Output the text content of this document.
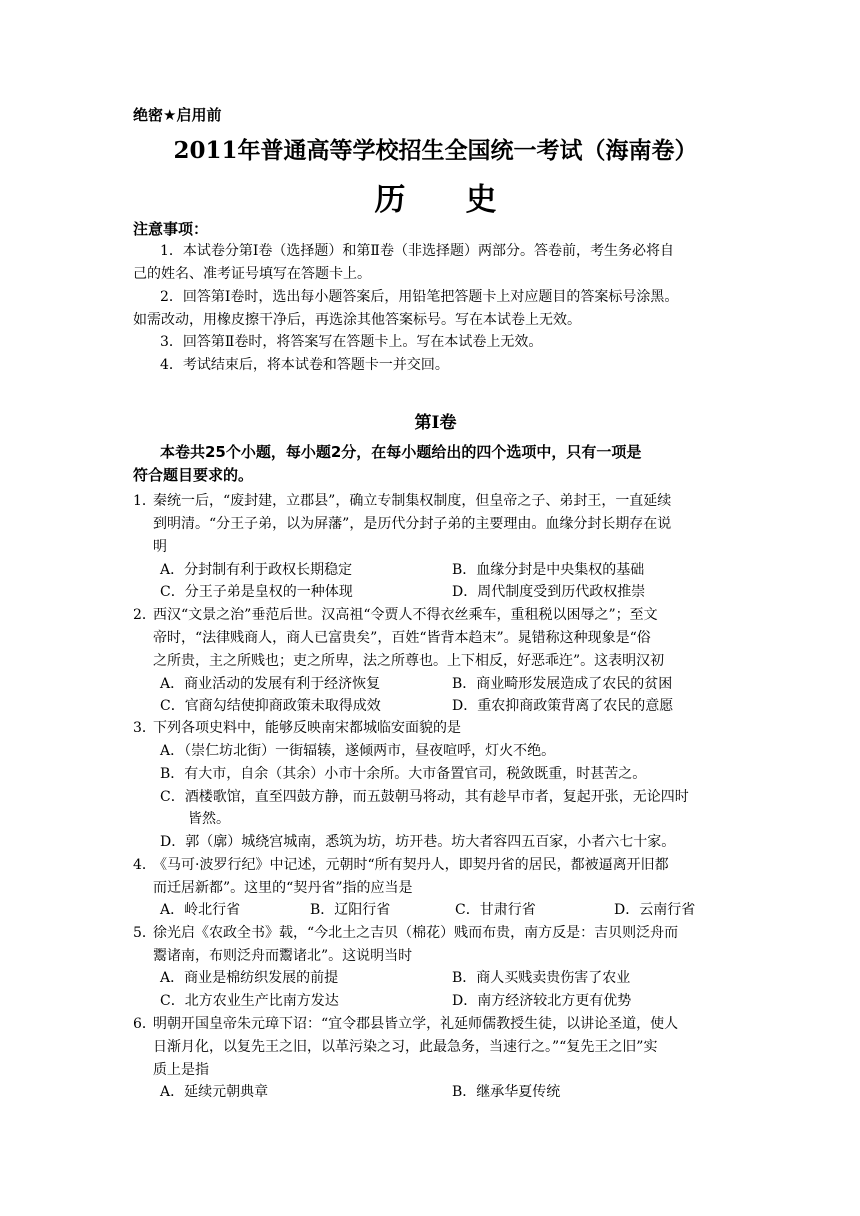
绝密★启用前
2011年普通高等学校招生全国统一考试（海南卷）
历史
注意事项：
1．本试卷分第Ⅰ卷（选择题）和第Ⅱ卷（非选择题）两部分。答卷前，考生务必将自
己的姓名、准考证号填写在答题卡上。
2．回答第Ⅰ卷时，选出每小题答案后，用铅笔把答题卡上对应题目的答案标号涂黑。
如需改动，用橡皮擦干净后，再选涂其他答案标号。写在本试卷上无效。
3．回答第Ⅱ卷时，将答案写在答题卡上。写在本试卷上无效。
4．考试结束后，将本试卷和答题卡一并交回。
第Ⅰ卷
本卷共25个小题，每小题2分，在每小题给出的四个选项中，只有一项是
符合题目要求的。
1．
秦统一后，“废封建，立郡县”，确立专制集权制度，但皇帝之子、弟封王，一直延续
到明清。“分王子弟，以为屏藩”，是历代分封子弟的主要理由。血缘分封长期存在说
明
A．分封制有利于政权长期稳定	B．血缘分封是中央集权的基础
C．分王子弟是皇权的一种体现	D．周代制度受到历代政权推崇
2．
西汉“文景之治”垂范后世。汉高祖“令贾人不得衣丝乘车，重租税以困辱之”；至文
帝时，“法律贱商人，商人已富贵矣”，百姓“皆背本趋末”。晁错称这种现象是“俗
之所贵，主之所贱也；吏之所卑，法之所尊也。上下相反，好恶乖迕”。这表明汉初
A．商业活动的发展有利于经济恢复	B．商业畸形发展造成了农民的贫困
C．官商勾结使抑商政策未取得成效	D．重农抑商政策背离了农民的意愿
3．
下列各项史料中，能够反映南宋都城临安面貌的是
A．（崇仁坊北街）一街辐辏，遂倾两市，昼夜喧呼，灯火不绝。
B．有大市，自余（其余）小市十余所。大市备置官司，税敛既重，时甚苦之。
C．酒楼歌馆，直至四鼓方静，而五鼓朝马将动，其有趁早市者，复起开张，无论四时
皆然。
D．郭（廓）城绕宫城南，悉筑为坊，坊开巷。坊大者容四五百家，小者六七十家。
4．
《马可·波罗行纪》中记述，元朝时“所有契丹人，即契丹省的居民，都被逼离开旧都
而迁居新都”。这里的“契丹省”指的应当是
A．岭北行省	B．辽阳行省	C．甘肃行省	D．云南行省
5．
徐光启《农政全书》载，“今北土之吉贝（棉花）贱而布贵，南方反是：吉贝则泛舟而
鬻诸南，布则泛舟而鬻诸北”。这说明当时
A．商业是棉纺织发展的前提	B．商人买贱卖贵伤害了农业
C．北方农业生产比南方发达	D．南方经济较北方更有优势
6．
明朝开国皇帝朱元璋下诏：“宜令郡县皆立学，礼延师儒教授生徒，以讲论圣道，使人
日渐月化，以复先王之旧，以革污染之习，此最急务，当速行之。”“复先王之旧”实
质上是指
A．延续元朝典章	B．继承华夏传统
